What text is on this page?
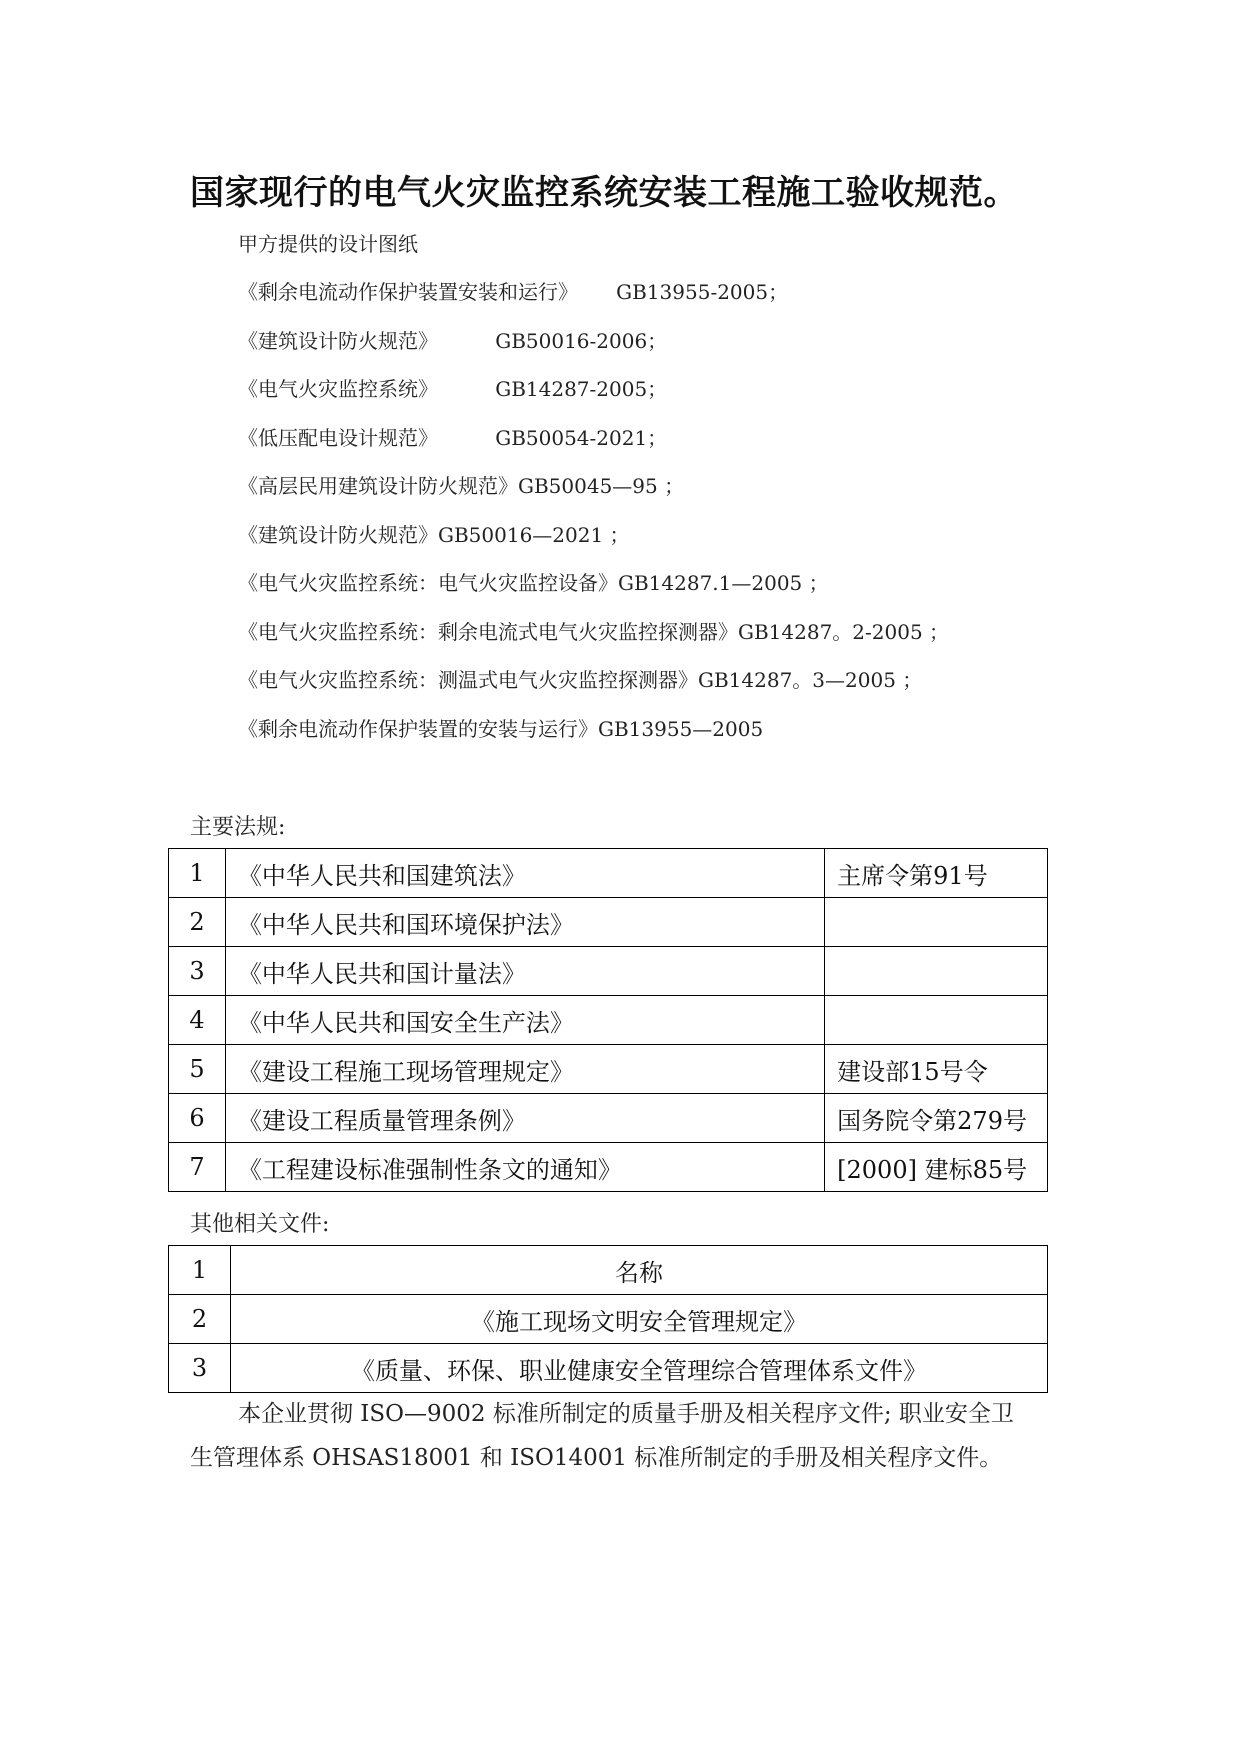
国家现行的电气火灾监控系统安装工程施工验收规范。
甲方提供的设计图纸
《剩余电流动作保护装置安装和运行》      GB13955-2005；
《建筑设计防火规范》         GB50016-2006；
《电气火灾监控系统》         GB14287-2005；
《低压配电设计规范》         GB50054-2021；
《高层民用建筑设计防火规范》GB50045—95 ；
《建筑设计防火规范》GB50016—2021 ；
《电气火灾监控系统：电气火灾监控设备》GB14287.1—2005 ；
《电气火灾监控系统：剩余电流式电气火灾监控探测器》GB14287。2-2005 ；
《电气火灾监控系统：测温式电气火灾监控探测器》GB14287。3—2005 ；
《剩余电流动作保护装置的安装与运行》GB13955—2005
主要法规:
1	《中华人民共和国建筑法》	主席令第91号
2	《中华人民共和国环境保护法》	
3	《中华人民共和国计量法》	
4	《中华人民共和国安全生产法》	
5	《建设工程施工现场管理规定》	建设部15号令
6	《建设工程质量管理条例》	国务院令第279号
7	《工程建设标准强制性条文的通知》	[2000] 建标85号
其他相关文件:
1	名称
2	《施工现场文明安全管理规定》
3	《质量、环保、职业健康安全管理综合管理体系文件》

本企业贯彻 ISO—9002 标准所制定的质量手册及相关程序文件; 职业安全卫

生管理体系 OHSAS18001 和 ISO14001 标准所制定的手册及相关程序文件。
